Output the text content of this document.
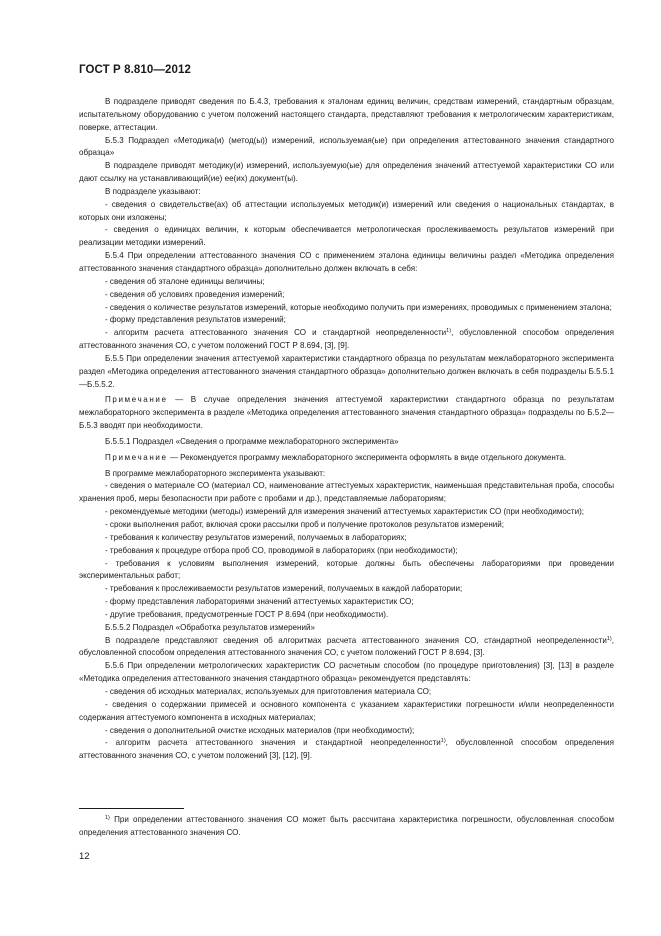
ГОСТ Р 8.810—2012

В подразделе приводят сведения по Б.4.3, требования к эталонам единиц величин, средствам измерений, стандартным образцам, испытательному оборудованию с учетом положений настоящего стандарта, представляют требования к метрологическим характеристикам, поверке, аттестации.

Б.5.3 Подраздел «Методика(и) (метод(ы)) измерений, используемая(ые) при определения аттестованного значения стандартного образца»

В подразделе приводят методику(и) измерений, используемую(ые) для определения значений аттестуемой характеристики СО или дают ссылку на устанавливающий(ие) ее(их) документ(ы).

В подразделе указывают:

- сведения о свидетельстве(ах) об аттестации используемых методик(и) измерений или сведения о национальных стандартах, в которых они изложены;

- сведения о единицах величин, к которым обеспечивается метрологическая прослеживаемость результатов измерений при реализации методики измерений.

Б.5.4 При определении аттестованного значения СО с применением эталона единицы величины раздел «Методика определения аттестованного значения стандартного образца» дополнительно должен включать в себя:

- сведения об эталоне единицы величины;

- сведения об условиях проведения измерений;

- сведения о количестве результатов измерений, которые необходимо получить при измерениях, проводимых с применением эталона;

- форму представления результатов измерений;

- алгоритм расчета аттестованного значения СО и стандартной неопределенности$^{1)}$, обусловленной способом определения аттестованного значения СО, с учетом положений ГОСТ Р 8.694, [3], [9].

Б.5.5 При определении значения аттестуемой характеристики стандартного образца по результатам межлабораторного эксперимента раздел «Методика определения аттестованного значения стандартного образца» дополнительно должен включать в себя подразделы Б.5.5.1—Б.5.5.2.

Примечание — В случае определения значения аттестуемой характеристики стандартного образца по результатам межлабораторного эксперимента в разделе «Методика определения аттестованного значения стандартного образца» подразделы по Б.5.2—Б.5.3 вводят при необходимости.

Б.5.5.1 Подраздел «Сведения о программе межлабораторного эксперимента»

Примечание — Рекомендуется программу межлабораторного эксперимента оформлять в виде отдельного документа.

В программе межлабораторного эксперимента указывают:

- сведения о материале СО (материал СО, наименование аттестуемых характеристик, наименьшая представительная проба, способы хранения проб, меры безопасности при работе с пробами и др.), представляемые лабораториям;

- рекомендуемые методики (методы) измерений для измерения значений аттестуемых характеристик СО (при необходимости);

- сроки выполнения работ, включая сроки рассылки проб и получение протоколов результатов измерений;

- требования к количеству результатов измерений, получаемых в лабораториях;

- требования к процедуре отбора проб СО, проводимой в лабораториях (при необходимости);

- требования к условиям выполнения измерений, которые должны быть обеспечены лабораториями при проведении экспериментальных работ;

- требования к прослеживаемости результатов измерений, получаемых в каждой лаборатории;

- форму представления лабораториями значений аттестуемых характеристик СО;

- другие требования, предусмотренные ГОСТ Р 8.694 (при необходимости).

Б.5.5.2 Подраздел «Обработка результатов измерений»

В подразделе представляют сведения об алгоритмах расчета аттестованного значения СО, стандартной неопределенности$^{1)}$, обусловленной способом определения аттестованного значения СО, с учетом положений ГОСТ Р 8.694, [3].

Б.5.6 При определении метрологических характеристик СО расчетным способом (по процедуре приготовления) [3], [13] в разделе «Методика определения аттестованного значения стандартного образца» рекомендуется представлять:

- сведения об исходных материалах, используемых для приготовления материала СО;

- сведения о содержании примесей и основного компонента с указанием характеристики погрешности и/или неопределенности содержания аттестуемого компонента в исходных материалах;

- сведения о дополнительной очистке исходных материалов (при необходимости);

- алгоритм расчета аттестованного значения и стандартной неопределенности$^{1)}$, обусловленной способом определения аттестованного значения СО, с учетом положений [3], [12], [9].

$^{1)}$ При определении аттестованного значения СО может быть рассчитана характеристика погрешности, обусловленная способом определения аттестованного значения СО.

12
